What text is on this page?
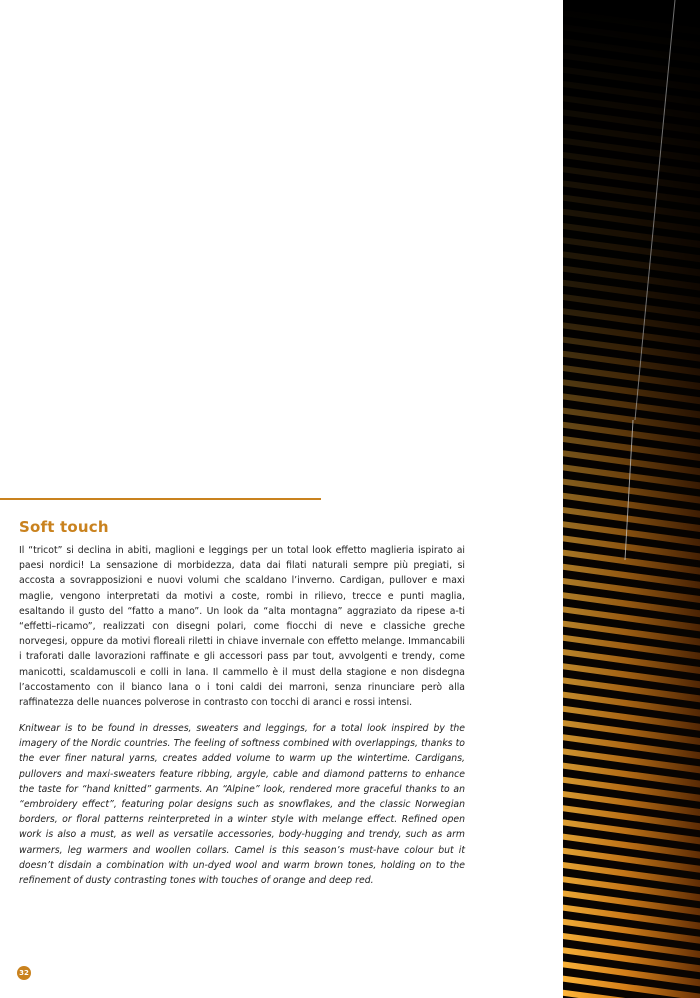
Soft touch

Il “tricot” si declina in abiti, maglioni e leggings per un total look effetto maglieria ispirato ai paesi nordici! La sensazione di morbidezza, data dai filati naturali sempre più pregiati, si accosta a sovrapposizioni e nuovi volumi che scaldano l’inverno. Cardigan, pullover e maxi maglie, vengono interpretati da motivi a coste, rombi in rilievo, trecce e punti maglia, esaltando il gusto del “fatto a mano”. Un look da “alta montagna” aggraziato da ripese a-ti “effetti–ricamo”, realizzati con disegni polari, come fiocchi di neve e classiche greche norvegesi, oppure da motivi floreali riletti in chiave invernale con effetto melange. Immancabili i traforati dalle lavorazioni raffinate e gli accessori pass par tout, avvolgenti e trendy, come manicotti, scaldamuscoli e colli in lana. Il cammello è il must della stagione e non disdegna l’accostamento con il bianco lana o i toni caldi dei marroni, senza rinunciare però alla raffinatezza delle nuances polverose in contrasto con tocchi di aranci e rossi intensi.

Knitwear is to be found in dresses, sweaters and leggings, for a total look inspired by the imagery of the Nordic countries. The feeling of softness combined with overlappings, thanks to the ever finer natural yarns, creates added volume to warm up the wintertime. Cardigans, pullovers and maxi-sweaters feature ribbing, argyle, cable and diamond patterns to enhance the taste for “hand knitted” garments. An “Alpine” look, rendered more graceful thanks to an “embroidery effect”, featuring polar designs such as snowflakes, and the classic Norwegian borders, or floral patterns reinterpreted in a winter style with melange effect. Refined open work is also a must, as well as versatile accessories, body-hugging and trendy, such as arm warmers, leg warmers and woollen collars. Camel is this season’s must-have colour but it doesn’t disdain a combination with un-dyed wool and warm brown tones, holding on to the refinement of dusty contrasting tones with touches of orange and deep red.

32
